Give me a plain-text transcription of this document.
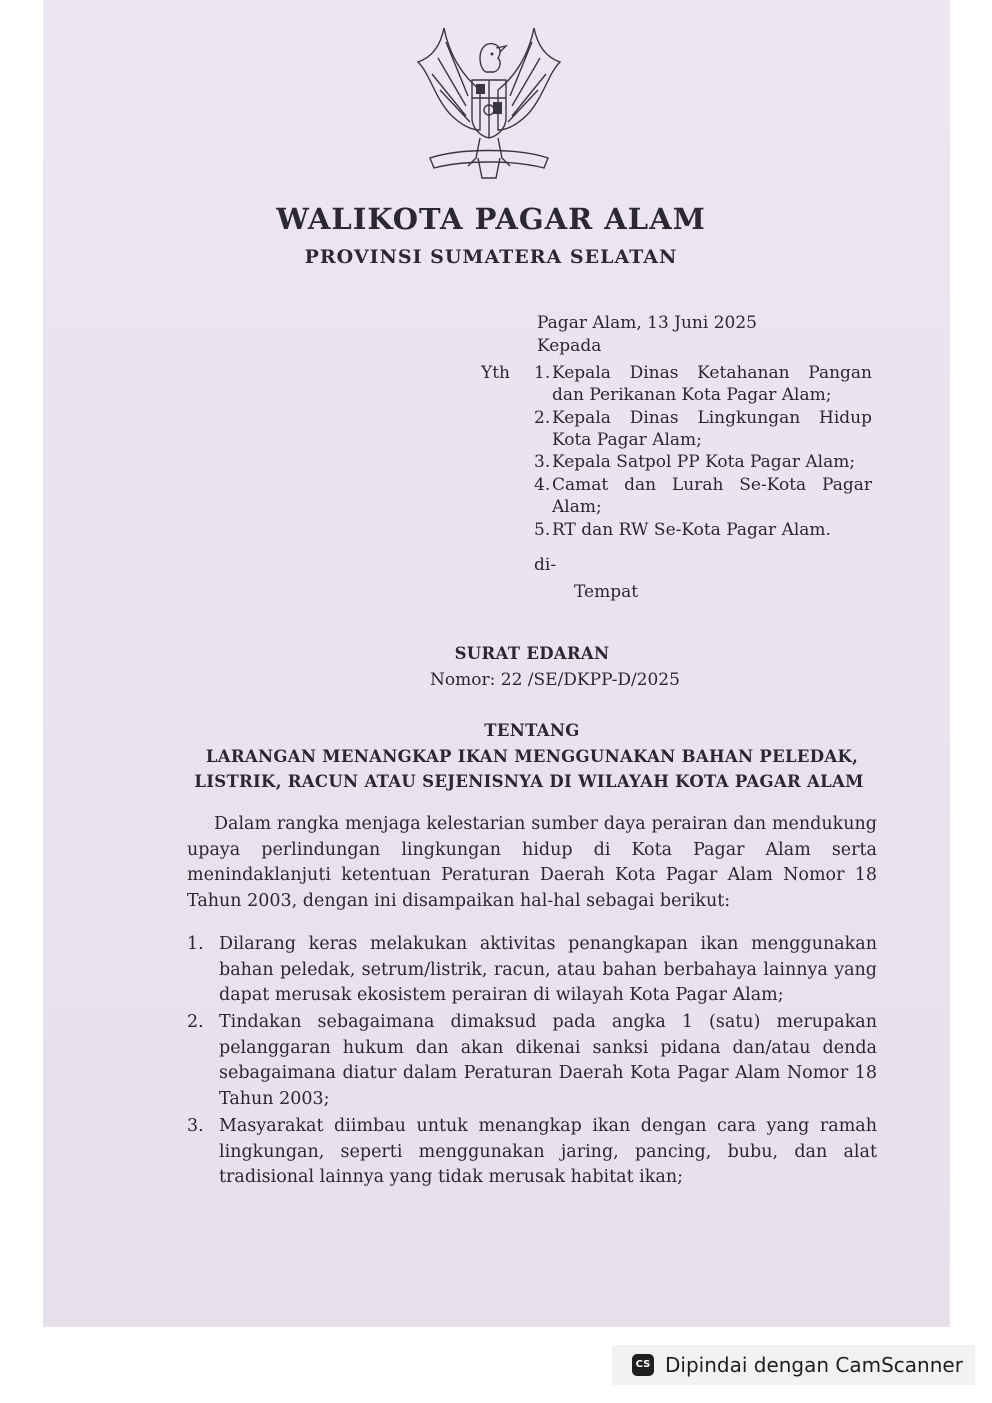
WALIKOTA PAGAR ALAM
PROVINSI SUMATERA SELATAN
Pagar Alam, 13 Juni 2025
Kepada
Yth 1. Kepala Dinas Ketahanan Pangan
dan Perikanan Kota Pagar Alam;
2. Kepala Dinas Lingkungan Hidup
Kota Pagar Alam;
3. Kepala Satpol PP Kota Pagar Alam;
4. Camat dan Lurah Se-Kota Pagar
Alam;
5. RT dan RW Se-Kota Pagar Alam.
di-
Tempat
SURAT EDARAN
Nomor: 22 /SE/DKPP-D/2025
TENTANG
LARANGAN MENANGKAP IKAN MENGGUNAKAN BAHAN PELEDAK,
LISTRIK, RACUN ATAU SEJENISNYA DI WILAYAH KOTA PAGAR ALAM
Dalam rangka menjaga kelestarian sumber daya perairan dan mendukung upaya perlindungan lingkungan hidup di Kota Pagar Alam serta menindaklanjuti ketentuan Peraturan Daerah Kota Pagar Alam Nomor 18 Tahun 2003, dengan ini disampaikan hal-hal sebagai berikut:
1. Dilarang keras melakukan aktivitas penangkapan ikan menggunakan bahan peledak, setrum/listrik, racun, atau bahan berbahaya lainnya yang dapat merusak ekosistem perairan di wilayah Kota Pagar Alam;
2. Tindakan sebagaimana dimaksud pada angka 1 (satu) merupakan pelanggaran hukum dan akan dikenai sanksi pidana dan/atau denda sebagaimana diatur dalam Peraturan Daerah Kota Pagar Alam Nomor 18 Tahun 2003;
3. Masyarakat diimbau untuk menangkap ikan dengan cara yang ramah lingkungan, seperti menggunakan jaring, pancing, bubu, dan alat tradisional lainnya yang tidak merusak habitat ikan;
CS Dipindai dengan CamScanner
